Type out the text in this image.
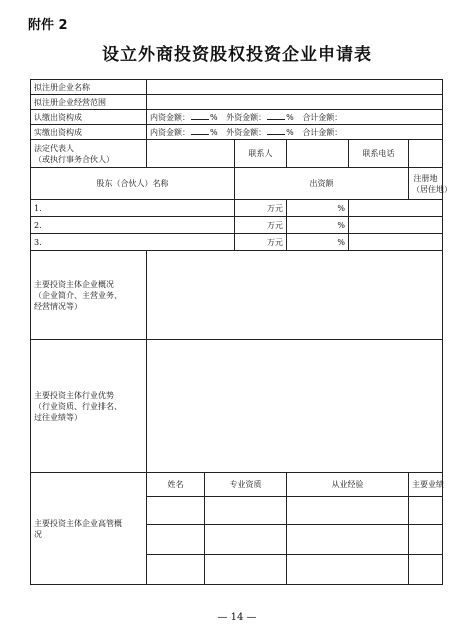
附件 2
设立外商投资股权投资企业申请表
拟注册企业名称						
拟注册企业经营范围						
认缴出资构成	内资金额： % 外资金额： % 合计金额：					
实缴出资构成	内资金额： % 外资金额： % 合计金额：					

法定代表人
（或执行事务合伙人）			联系人		联系电话	
股东（合伙人）名称			出资额			注册地
（居住地）

1.			万元	%		
2.			万元	%		
3.			万元	%		

主要投资主体企业概况
（企业简介、主营业务、
经营情况等）						

主要投资主体行业优势
（行业资质、行业排名、
过往业绩等）						

主要投资主体企业高管概
况	姓名	专业资质		从业经验		主要业绩

— 14 —
